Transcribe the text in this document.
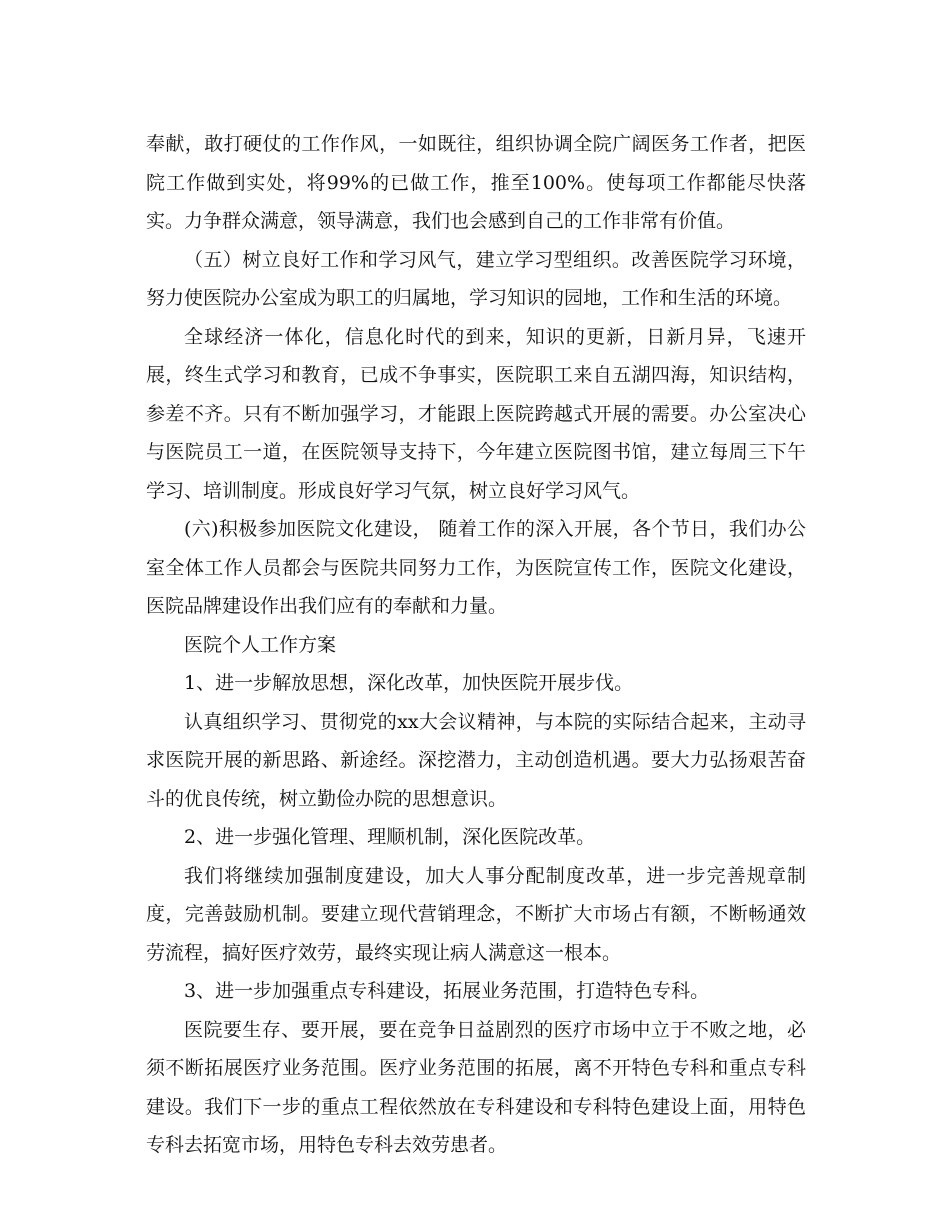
奉献，敢打硬仗的工作作风，一如既往，组织协调全院广阔医务工作者，把医院工作做到实处，将99%的已做工作，推至100%。使每项工作都能尽快落实。力争群众满意，领导满意，我们也会感到自己的工作非常有价值。

（五）树立良好工作和学习风气，建立学习型组织。改善医院学习环境，努力使医院办公室成为职工的归属地，学习知识的园地，工作和生活的环境。

全球经济一体化，信息化时代的到来，知识的更新，日新月异，飞速开展，终生式学习和教育，已成不争事实，医院职工来自五湖四海，知识结构，参差不齐。只有不断加强学习，才能跟上医院跨越式开展的需要。办公室决心与医院员工一道，在医院领导支持下，今年建立医院图书馆，建立每周三下午学习、培训制度。形成良好学习气氛，树立良好学习风气。

(六)积极参加医院文化建设， 随着工作的深入开展，各个节日，我们办公室全体工作人员都会与医院共同努力工作，为医院宣传工作，医院文化建设，医院品牌建设作出我们应有的奉献和力量。

医院个人工作方案

1、进一步解放思想，深化改革，加快医院开展步伐。

认真组织学习、贯彻党的xx大会议精神，与本院的实际结合起来，主动寻求医院开展的新思路、新途经。深挖潜力，主动创造机遇。要大力弘扬艰苦奋斗的优良传统，树立勤俭办院的思想意识。

2、进一步强化管理、理顺机制，深化医院改革。

我们将继续加强制度建设，加大人事分配制度改革，进一步完善规章制度，完善鼓励机制。要建立现代营销理念，不断扩大市场占有额，不断畅通效劳流程，搞好医疗效劳，最终实现让病人满意这一根本。

3、进一步加强重点专科建设，拓展业务范围，打造特色专科。

医院要生存、要开展，要在竞争日益剧烈的医疗市场中立于不败之地，必须不断拓展医疗业务范围。医疗业务范围的拓展，离不开特色专科和重点专科建设。我们下一步的重点工程依然放在专科建设和专科特色建设上面，用特色专科去拓宽市场，用特色专科去效劳患者。
